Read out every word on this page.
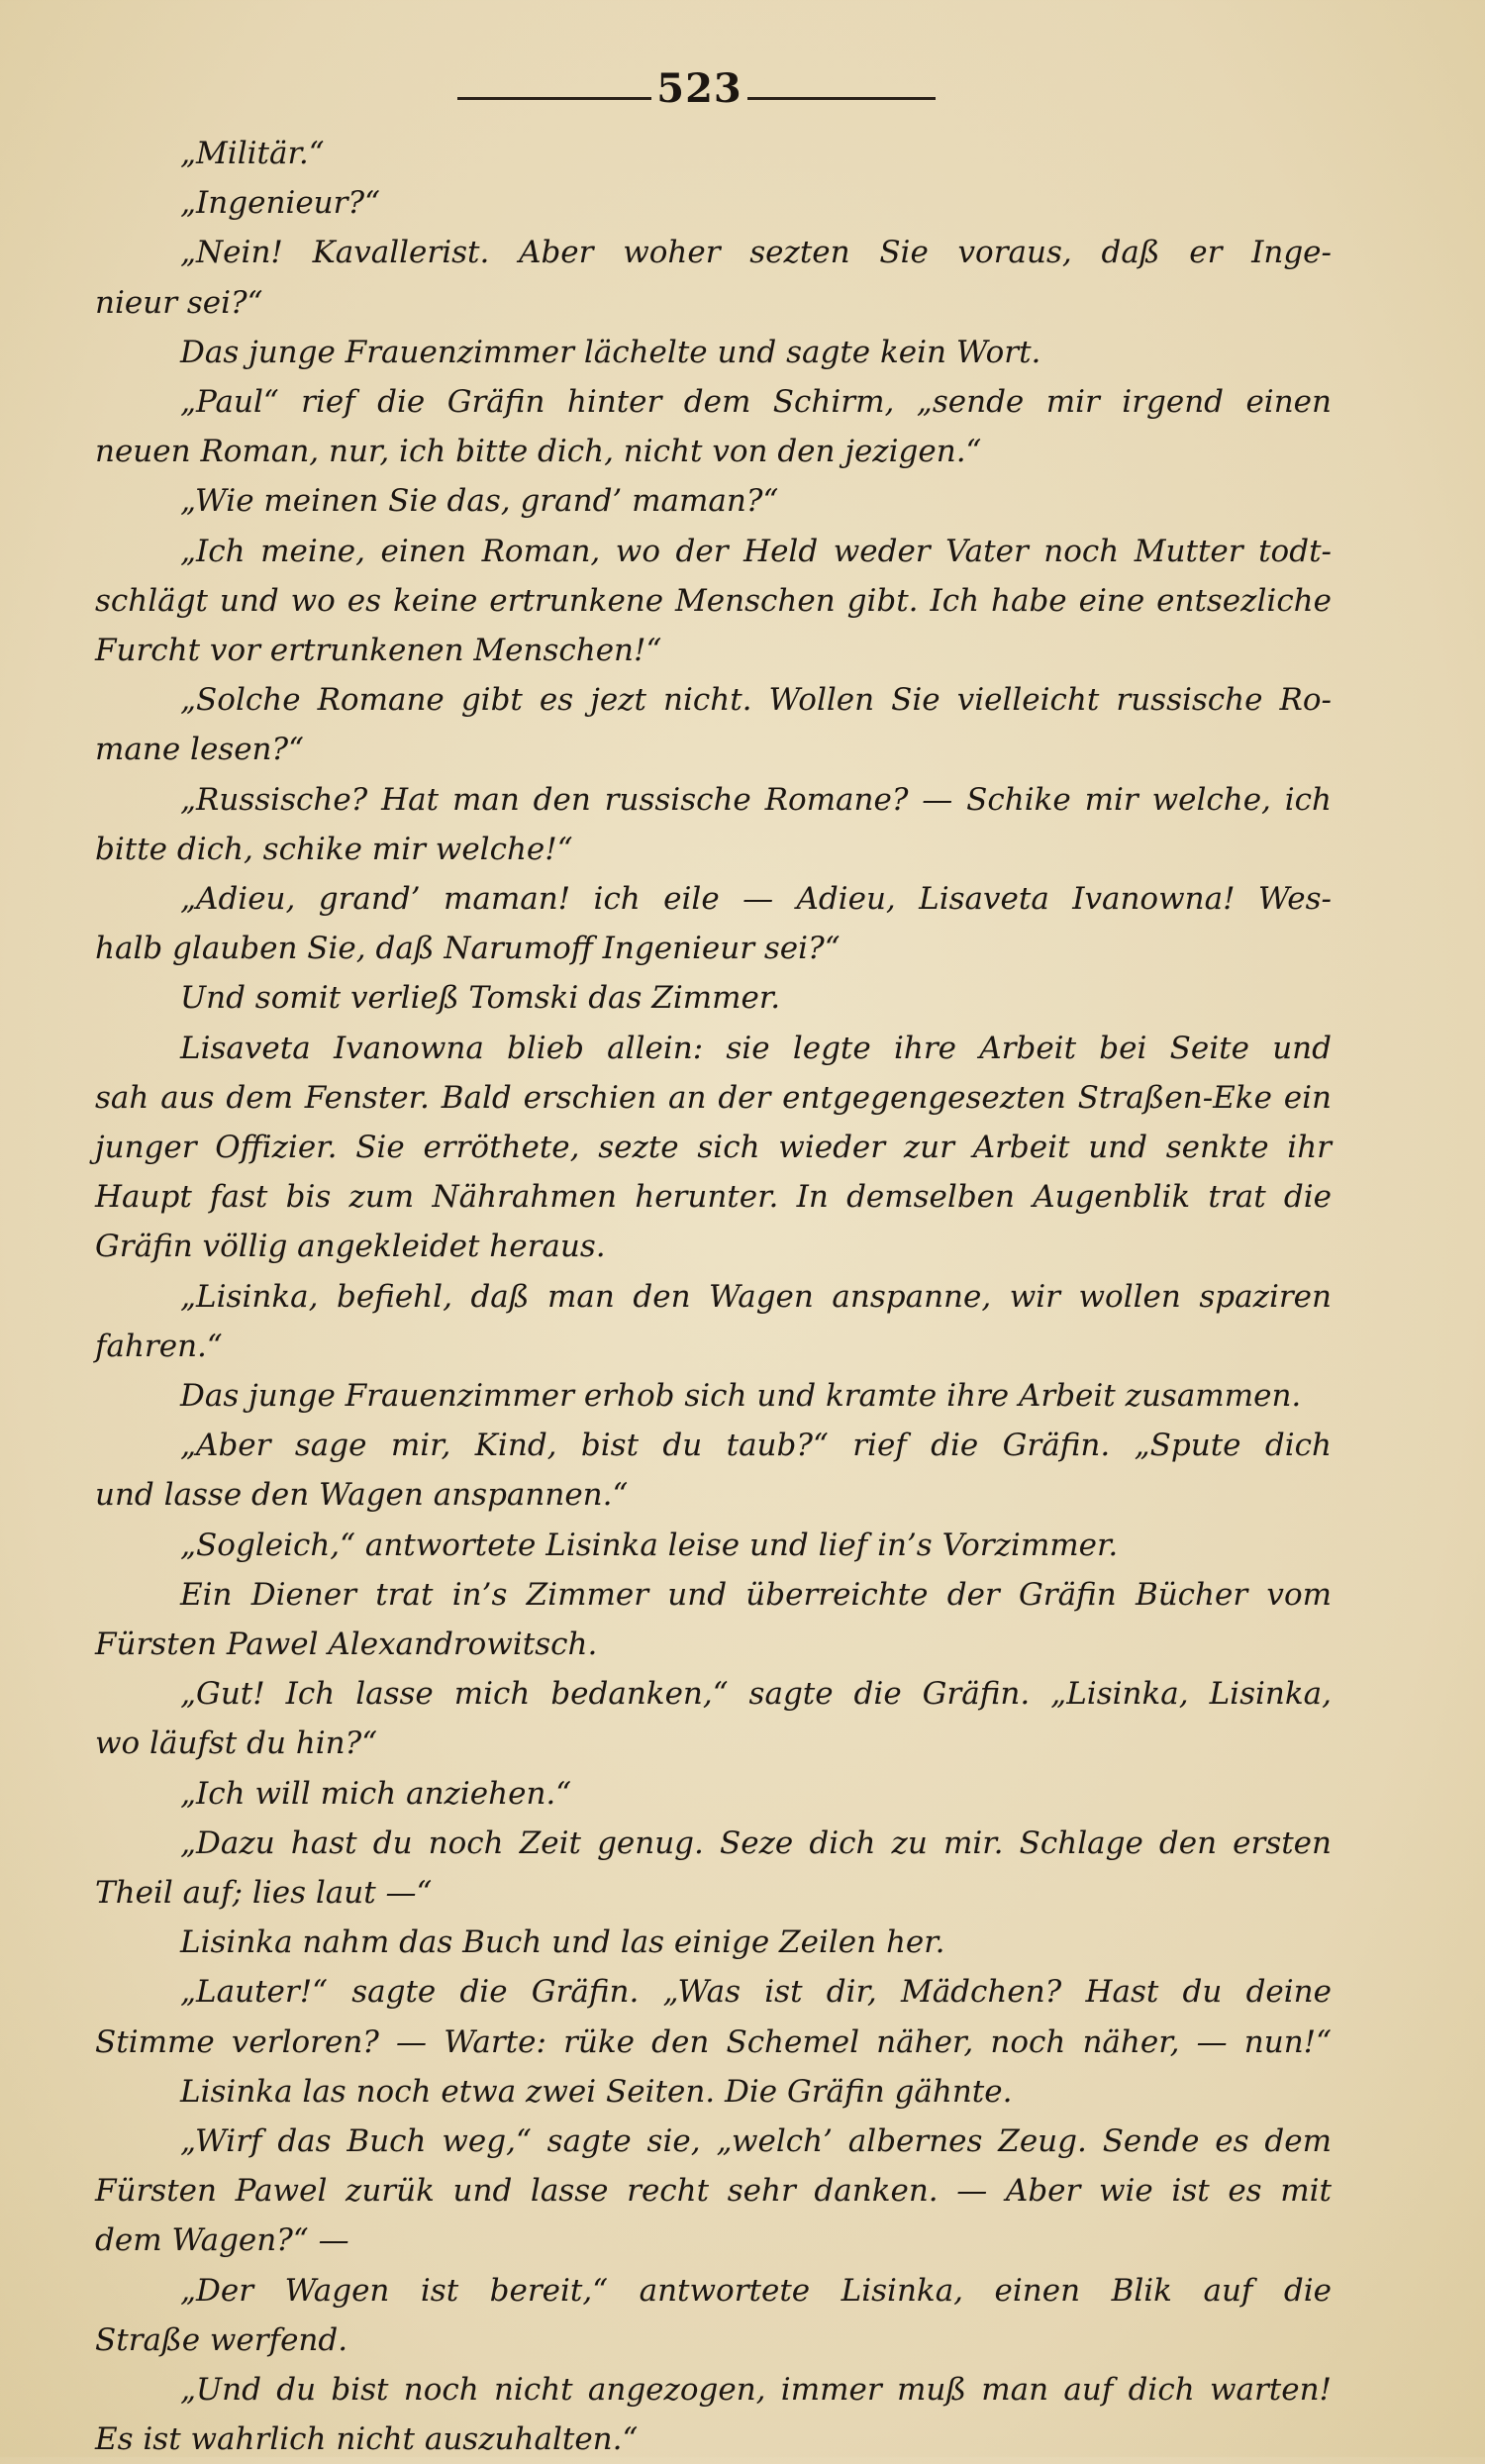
523
„Militär.“
„Ingenieur?“
„Nein! Kavallerist. Aber woher sezten Sie voraus, daß er Inge-
nieur sei?“
Das junge Frauenzimmer lächelte und sagte kein Wort.
„Paul“ rief die Gräfin hinter dem Schirm, „sende mir irgend einen
neuen Roman, nur, ich bitte dich, nicht von den jezigen.“
„Wie meinen Sie das, grand’ maman?“
„Ich meine, einen Roman, wo der Held weder Vater noch Mutter todt-
schlägt und wo es keine ertrunkene Menschen gibt. Ich habe eine entsezliche
Furcht vor ertrunkenen Menschen!“
„Solche Romane gibt es jezt nicht. Wollen Sie vielleicht russische Ro-
mane lesen?“
„Russische? Hat man den russische Romane? — Schike mir welche, ich
bitte dich, schike mir welche!“
„Adieu, grand’ maman! ich eile — Adieu, Lisaveta Ivanowna! Wes-
halb glauben Sie, daß Narumoff Ingenieur sei?“
Und somit verließ Tomski das Zimmer.
Lisaveta Ivanowna blieb allein: sie legte ihre Arbeit bei Seite und
sah aus dem Fenster. Bald erschien an der entgegengesezten Straßen-Eke ein
junger Offizier. Sie erröthete, sezte sich wieder zur Arbeit und senkte ihr
Haupt fast bis zum Nährahmen herunter. In demselben Augenblik trat die
Gräfin völlig angekleidet heraus.
„Lisinka, befiehl, daß man den Wagen anspanne, wir wollen spaziren
fahren.“
Das junge Frauenzimmer erhob sich und kramte ihre Arbeit zusammen.
„Aber sage mir, Kind, bist du taub?“ rief die Gräfin. „Spute dich
und lasse den Wagen anspannen.“
„Sogleich,“ antwortete Lisinka leise und lief in’s Vorzimmer.
Ein Diener trat in’s Zimmer und überreichte der Gräfin Bücher vom
Fürsten Pawel Alexandrowitsch.
„Gut! Ich lasse mich bedanken,“ sagte die Gräfin. „Lisinka, Lisinka,
wo läufst du hin?“
„Ich will mich anziehen.“
„Dazu hast du noch Zeit genug. Seze dich zu mir. Schlage den ersten
Theil auf; lies laut —“
Lisinka nahm das Buch und las einige Zeilen her.
„Lauter!“ sagte die Gräfin. „Was ist dir, Mädchen? Hast du deine
Stimme verloren? — Warte: rüke den Schemel näher, noch näher, — nun!“
Lisinka las noch etwa zwei Seiten. Die Gräfin gähnte.
„Wirf das Buch weg,“ sagte sie, „welch’ albernes Zeug. Sende es dem
Fürsten Pawel zurük und lasse recht sehr danken. — Aber wie ist es mit
dem Wagen?“ —
„Der Wagen ist bereit,“ antwortete Lisinka, einen Blik auf die
Straße werfend.
„Und du bist noch nicht angezogen, immer muß man auf dich warten!
Es ist wahrlich nicht auszuhalten.“
